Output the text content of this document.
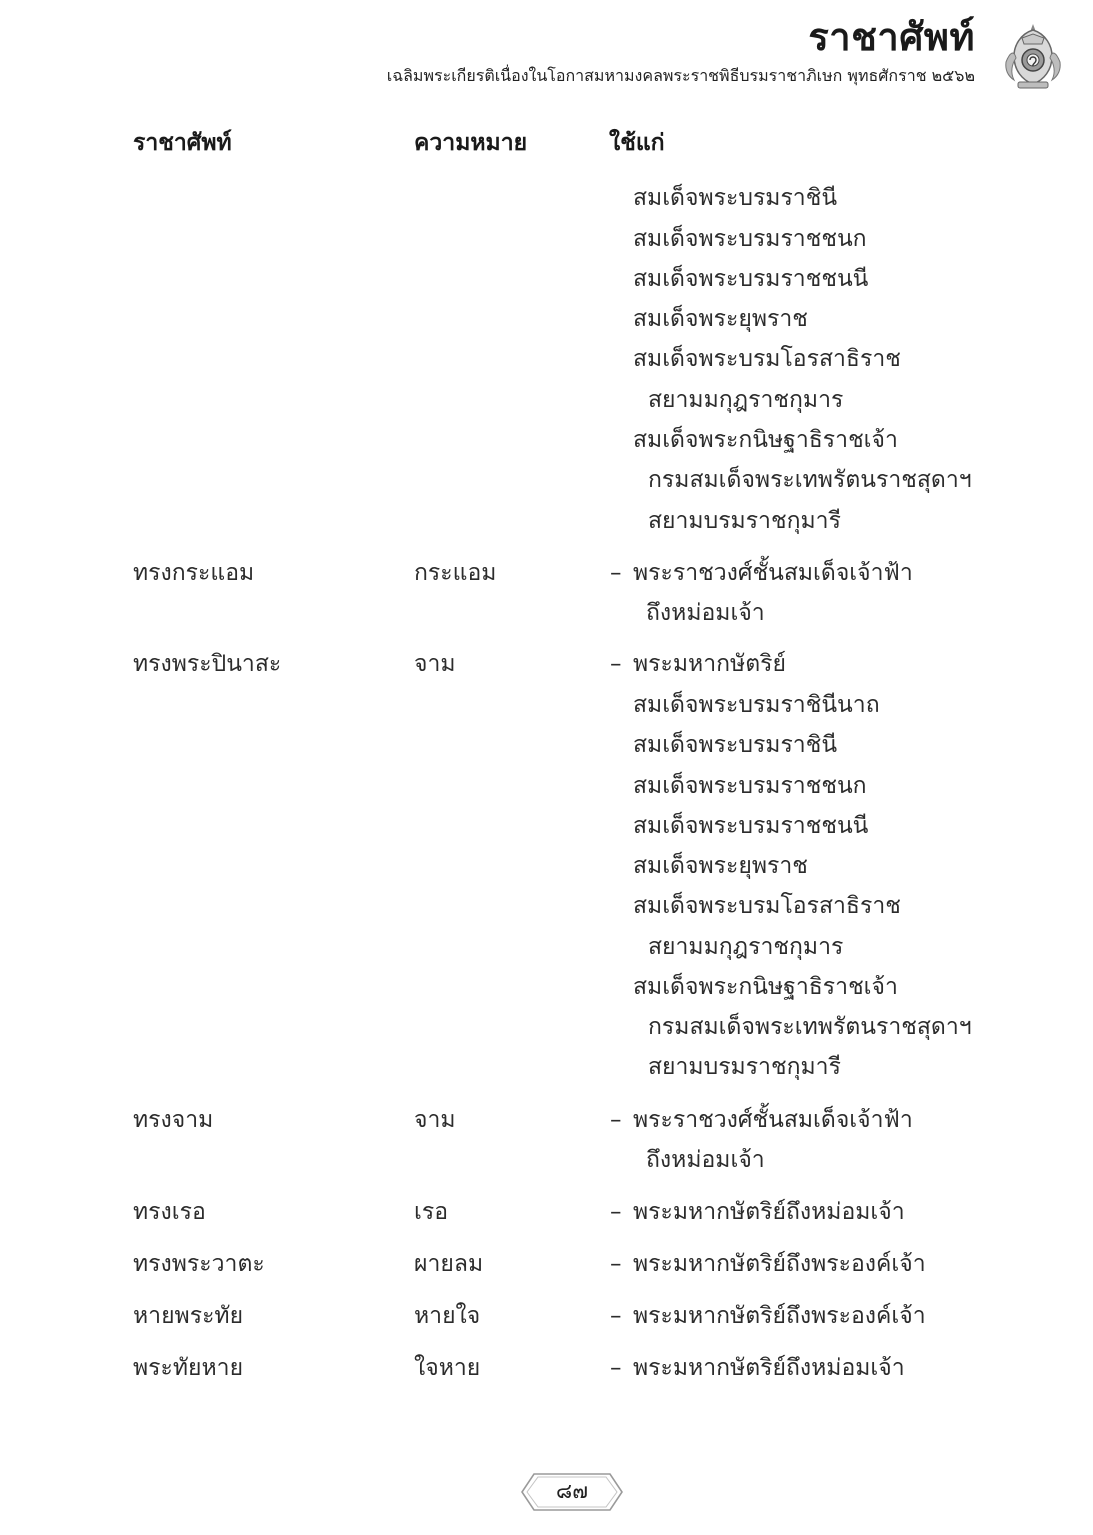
ราชาศัพท์
เฉลิมพระเกียรติเนื่องในโอกาสมหามงคลพระราชพิธีบรมราชาภิเษก พุทธศักราช ๒๕๖๒
ราชาศัพท์	ความหมาย	ใช้แก่
สมเด็จพระบรมราชินี
สมเด็จพระบรมราชชนก
สมเด็จพระบรมราชชนนี
สมเด็จพระยุพราช
สมเด็จพระบรมโอรสาธิราช
สยามมกุฎราชกุมาร
สมเด็จพระกนิษฐาธิราชเจ้า
กรมสมเด็จพระเทพรัตนราชสุดาฯ
สยามบรมราชกุมารี
ทรงกระแอม	กระแอม	– พระราชวงศ์ชั้นสมเด็จเจ้าฟ้า
ถึงหม่อมเจ้า
ทรงพระปินาสะ	จาม	– พระมหากษัตริย์
สมเด็จพระบรมราชินีนาถ
สมเด็จพระบรมราชินี
สมเด็จพระบรมราชชนก
สมเด็จพระบรมราชชนนี
สมเด็จพระยุพราช
สมเด็จพระบรมโอรสาธิราช
สยามมกุฎราชกุมาร
สมเด็จพระกนิษฐาธิราชเจ้า
กรมสมเด็จพระเทพรัตนราชสุดาฯ
สยามบรมราชกุมารี
ทรงจาม	จาม	– พระราชวงศ์ชั้นสมเด็จเจ้าฟ้า
ถึงหม่อมเจ้า
ทรงเรอ	เรอ	– พระมหากษัตริย์ถึงหม่อมเจ้า
ทรงพระวาตะ	ผายลม	– พระมหากษัตริย์ถึงพระองค์เจ้า
หายพระทัย	หายใจ	– พระมหากษัตริย์ถึงพระองค์เจ้า
พระทัยหาย	ใจหาย	– พระมหากษัตริย์ถึงหม่อมเจ้า
๘๗
